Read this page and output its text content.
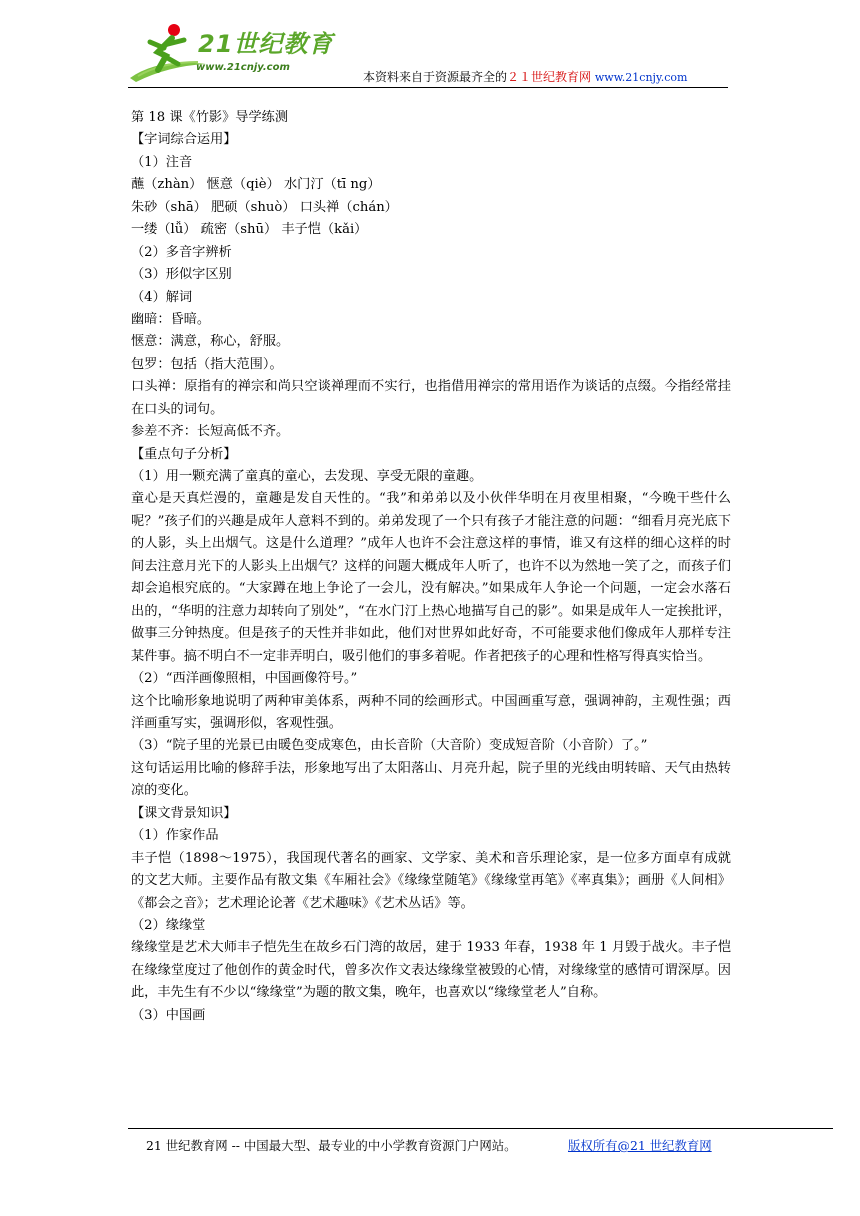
21世纪教育
www.21cnjy.com
本资料来自于资源最齐全的２１世纪教育网 www.21cnjy.com
第 18 课《竹影》导学练测
【字词综合运用】
（1）注音
蘸（zhàn） 惬意（qiè） 水门汀（tī ng）
朱砂（shā） 肥硕（shuò） 口头禅（chán）
一缕（lǚ） 疏密（shū） 丰子恺（kǎi）
（2）多音字辨析
（3）形似字区别
（4）解词
幽暗：昏暗。
惬意：满意，称心，舒服。
包罗：包括（指大范围）。
口头禅：原指有的禅宗和尚只空谈禅理而不实行，也指借用禅宗的常用语作为谈话的点缀。今指经常挂在口头的词句。
参差不齐：长短高低不齐。
【重点句子分析】
（1）用一颗充满了童真的童心，去发现、享受无限的童趣。
童心是天真烂漫的，童趣是发自天性的。“我”和弟弟以及小伙伴华明在月夜里相聚，“今晚干些什么呢？”孩子们的兴趣是成年人意料不到的。弟弟发现了一个只有孩子才能注意的问题：“细看月亮光底下的人影，头上出烟气。这是什么道理？”成年人也许不会注意这样的事情，谁又有这样的细心这样的时间去注意月光下的人影头上出烟气？这样的问题大概成年人听了，也许不以为然地一笑了之，而孩子们却会追根究底的。“大家蹲在地上争论了一会儿，没有解决。”如果成年人争论一个问题，一定会水落石出的，“华明的注意力却转向了别处”，“在水门汀上热心地描写自己的影”。如果是成年人一定挨批评，做事三分钟热度。但是孩子的天性并非如此，他们对世界如此好奇，不可能要求他们像成年人那样专注某件事。搞不明白不一定非弄明白，吸引他们的事多着呢。作者把孩子的心理和性格写得真实恰当。
（2）“西洋画像照相，中国画像符号。”
这个比喻形象地说明了两种审美体系，两种不同的绘画形式。中国画重写意，强调神韵，主观性强；西洋画重写实，强调形似，客观性强。
（3）“院子里的光景已由暖色变成寒色，由长音阶（大音阶）变成短音阶（小音阶）了。”
这句话运用比喻的修辞手法，形象地写出了太阳落山、月亮升起，院子里的光线由明转暗、天气由热转凉的变化。
【课文背景知识】
（1）作家作品
丰子恺（1898～1975），我国现代著名的画家、文学家、美术和音乐理论家，是一位多方面卓有成就的文艺大师。主要作品有散文集《车厢社会》《缘缘堂随笔》《缘缘堂再笔》《率真集》；画册《人间相》《都会之音》；艺术理论论著《艺术趣味》《艺术丛话》等。
（2）缘缘堂
缘缘堂是艺术大师丰子恺先生在故乡石门湾的故居，建于 1933 年春，1938 年 1 月毁于战火。丰子恺在缘缘堂度过了他创作的黄金时代，曾多次作文表达缘缘堂被毁的心情，对缘缘堂的感情可谓深厚。因此，丰先生有不少以“缘缘堂”为题的散文集，晚年，也喜欢以“缘缘堂老人”自称。
（3）中国画
21 世纪教育网 -- 中国最大型、最专业的中小学教育资源门户网站。	版权所有@21 世纪教育网
